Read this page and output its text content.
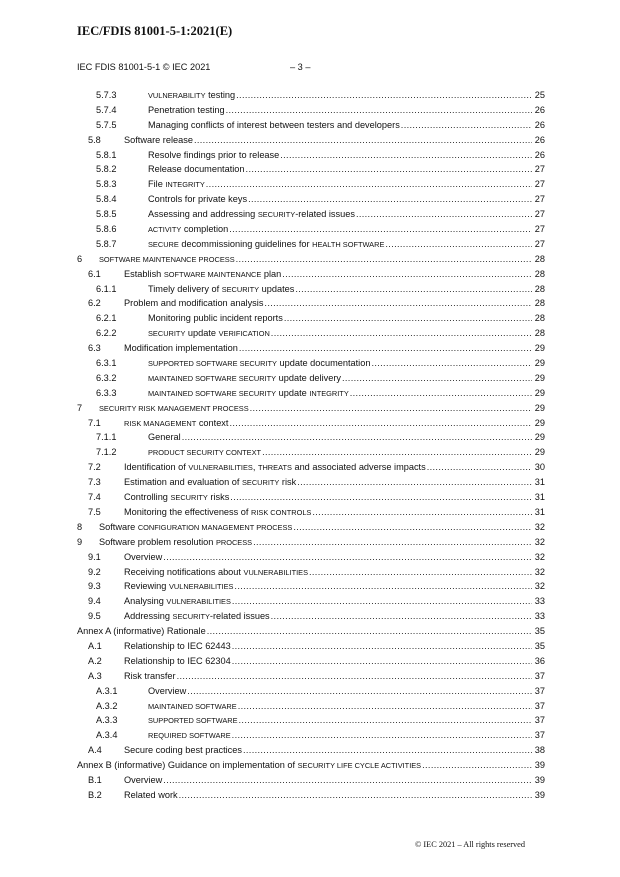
IEC/FDIS 81001-5-1:2021(E)
IEC FDIS 81001-5-1 © IEC 2021	– 3 –
5.7.3	VULNERABILITY testing .....	25
5.7.4	Penetration testing .....	26
5.7.5	Managing conflicts of interest between testers and developers .....	26
5.8	Software release .....	26
5.8.1	Resolve findings prior to release .....	26
5.8.2	Release documentation .....	27
5.8.3	File INTEGRITY .....	27
5.8.4	Controls for private keys .....	27
5.8.5	Assessing and addressing SECURITY-related issues .....	27
5.8.6	ACTIVITY completion .....	27
5.8.7	SECURE decommissioning guidelines for HEALTH SOFTWARE .....	27
6 SOFTWARE MAINTENANCE PROCESS .....	28
6.1	Establish SOFTWARE MAINTENANCE plan .....	28
6.1.1	Timely delivery of SECURITY updates .....	28
6.2	Problem and modification analysis .....	28
6.2.1	Monitoring public incident reports .....	28
6.2.2	SECURITY update VERIFICATION .....	28
6.3	Modification implementation .....	29
6.3.1	SUPPORTED SOFTWARE SECURITY update documentation .....	29
6.3.2	MAINTAINED SOFTWARE SECURITY update delivery .....	29
6.3.3	MAINTAINED SOFTWARE SECURITY update INTEGRITY .....	29
7 SECURITY RISK MANAGEMENT PROCESS .....	29
7.1	RISK MANAGEMENT context .....	29
7.1.1	General .....	29
7.1.2	PRODUCT SECURITY CONTEXT .....	29
7.2	Identification of VULNERABILITIES, THREATS and associated adverse impacts .....	30
7.3	Estimation and evaluation of SECURITY risk .....	31
7.4	Controlling SECURITY risks .....	31
7.5	Monitoring the effectiveness of RISK CONTROLS .....	31
8 Software CONFIGURATION MANAGEMENT PROCESS .....	32
9 Software problem resolution PROCESS .....	32
9.1	Overview .....	32
9.2	Receiving notifications about VULNERABILITIES .....	32
9.3	Reviewing VULNERABILITIES .....	32
9.4	Analysing VULNERABILITIES .....	33
9.5	Addressing SECURITY-related issues .....	33
Annex A (informative) Rationale .....	35
A.1 Relationship to IEC 62443 .....	35
A.2 Relationship to IEC 62304 .....	36
A.3 Risk transfer .....	37
A.3.1	Overview .....	37
A.3.2	MAINTAINED SOFTWARE .....	37
A.3.3	SUPPORTED SOFTWARE .....	37
A.3.4	REQUIRED SOFTWARE .....	37
A.4 Secure coding best practices .....	38
Annex B (informative) Guidance on implementation of SECURITY LIFE CYCLE ACTIVITIES .....	39
B.1 Overview .....	39
B.2 Related work .....	39
© IEC 2021 – All rights reserved
